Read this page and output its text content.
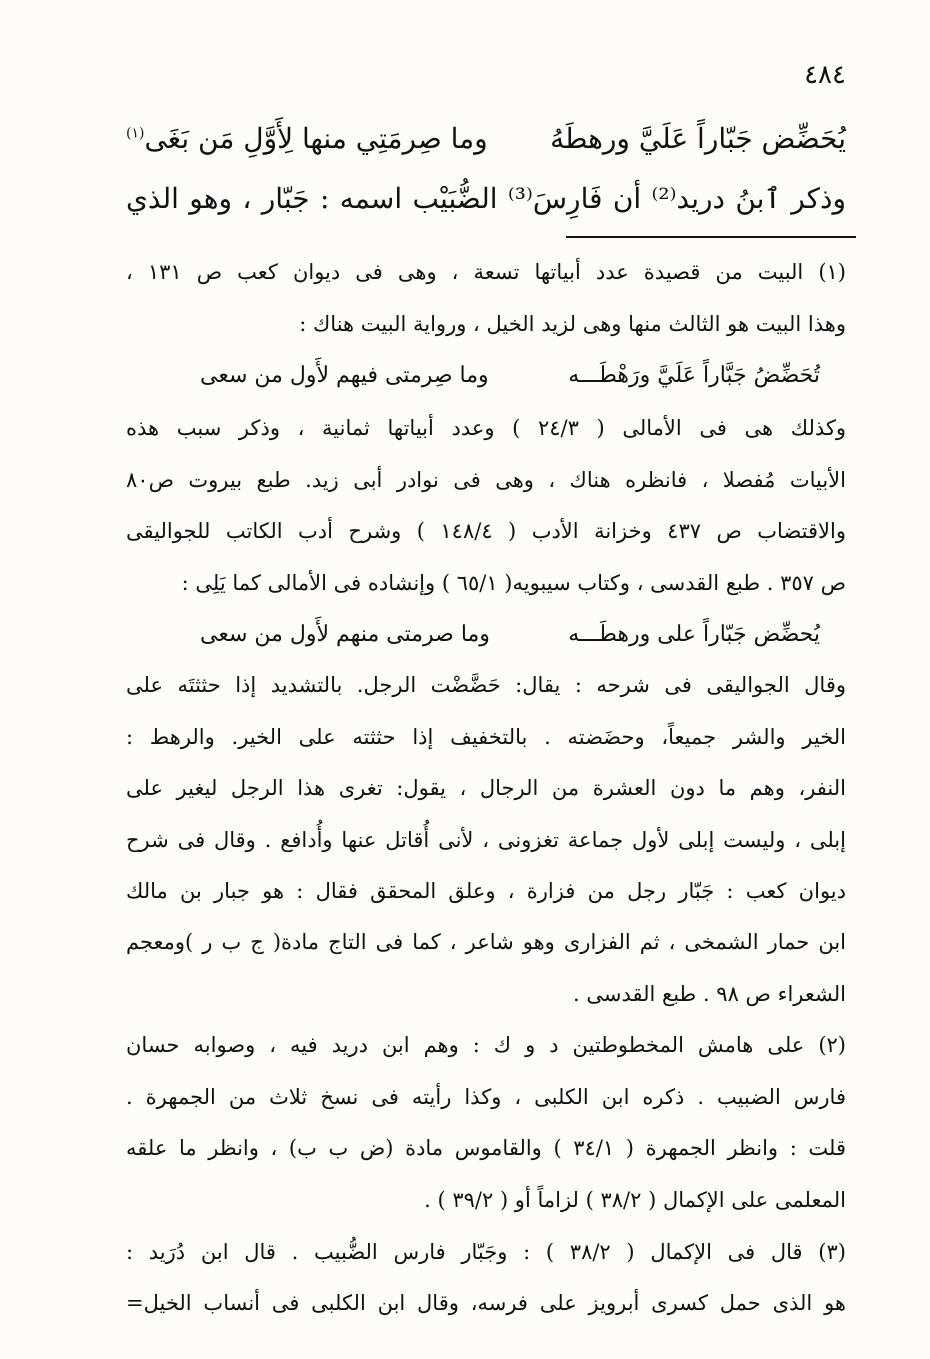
٤٨٤
يُحَضِّض جَبّاراً عَلَيَّ ورهطَهُ
وما صِرمَتِي منها لِأَوَّلِ مَن بَغَى$^{(١)}$
وذكر ٱبنُ دريد⁽²⁾ أن فَارِسَ⁽³⁾ الضُّبَيْب اسمه : جَبّار ، وهو الذي
(١) البيت من قصيدة عدد أبياتها تسعة ، وهى فى ديوان كعب ص ١٣١ ،
وهذا البيت هو الثالث منها وهى لزيد الخيل ، ورواية البيت هناك :
تُحَضِّضُ جَبَّاراً عَلَيَّ ورَهْطَـــه
وما صِرمتى فيهم لأَول من سعى
وكذلك هى فى الأمالى ( ٢٤/٣ ) وعدد أبياتها ثمانية ، وذكر سبب هذه
الأبيات مُفصلا ، فانظره هناك ، وهى فى نوادر أبى زيد. طبع بيروت ص٨٠
والاقتضاب ص ٤٣٧ وخزانة الأدب ( ١٤٨/٤ ) وشرح أدب الكاتب للجواليقى
ص ٣٥٧ . طبع القدسى ، وكتاب سيبويه( ٦٥/١ ) وإنشاده فى الأمالى كما يَلِى :
يُحضِّض جَبّاراً على ورهطَـــه
وما صرمتى منهم لأَول من سعى
وقال الجواليقى فى شرحه : يقال: حَضَّضْت الرجل. بالتشديد إذا حثثتَه على
الخير والشر جميعاً، وحضَضته . بالتخفيف إذا حثثته على الخير. والرهط :
النفر، وهم ما دون العشرة من الرجال ، يقول: تغرى هذا الرجل ليغير على
إبلى ، وليست إبلى لأول جماعة تغزونى ، لأنى أُقاتل عنها وأُدافع . وقال فى شرح
ديوان كعب : جَبّار رجل من فزارة ، وعلق المحقق فقال : هو جبار بن مالك
ابن حمار الشمخى ، ثم الفزارى وهو شاعر ، كما فى التاج مادة( ج ب ر )ومعجم
الشعراء ص ٩٨ . طبع القدسى .
(٢) على هامش المخطوطتين د و ك : وهم ابن دريد فيه ، وصوابه حسان
فارس الضبيب . ذكره ابن الكلبى ، وكذا رأيته فى نسخ ثلاث من الجمهرة .
قلت : وانظر الجمهرة ( ٣٤/١ ) والقاموس مادة (ض ب ب) ، وانظر ما علقه
المعلمى على الإكمال ( ٣٨/٢ ) لزاماً أو ( ٣٩/٢ ) .
(٣) قال فى الإكمال ( ٣٨/٢ ) : وجَبّار فارس الضُّبيب . قال ابن دُرَيد :
هو الذى حمل كسرى أبرويز على فرسه، وقال ابن الكلبى فى أنساب الخيل=
